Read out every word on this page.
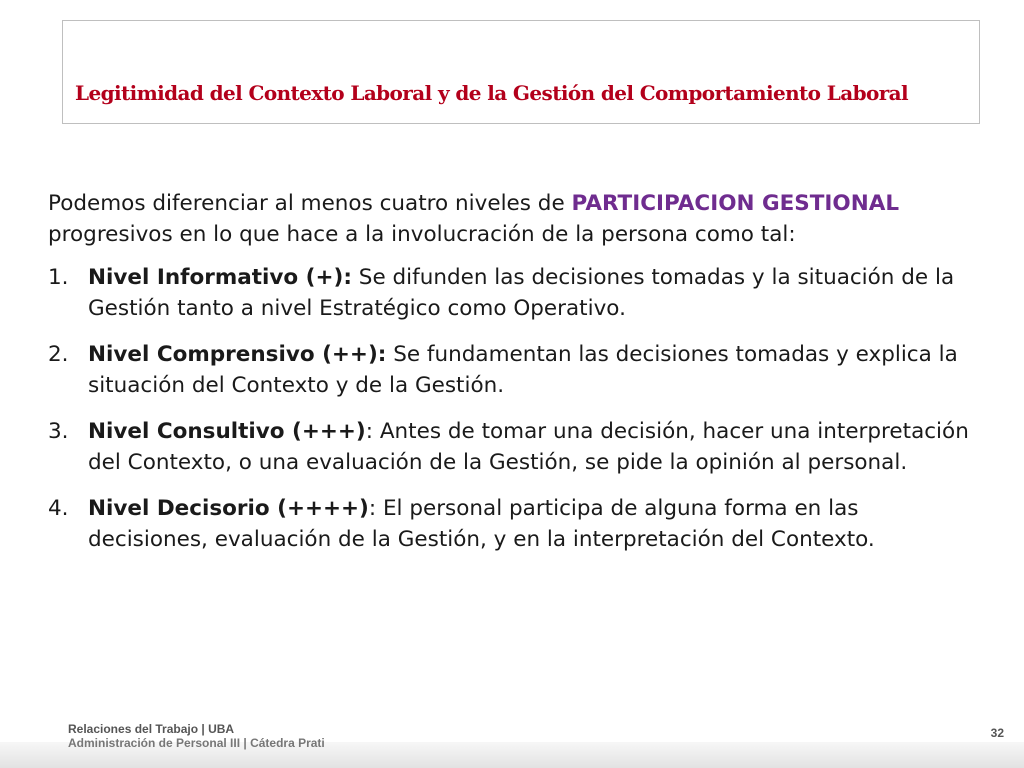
Legitimidad del Contexto Laboral y de la Gestión del Comportamiento Laboral

Podemos diferenciar al menos cuatro niveles de PARTICIPACION GESTIONAL progresivos en lo que hace a la involucración de la persona como tal:

1. Nivel Informativo (+): Se difunden las decisiones tomadas y la situación de la Gestión tanto a nivel Estratégico como Operativo.
2. Nivel Comprensivo (++): Se fundamentan las decisiones tomadas y explica la situación del Contexto y de la Gestión.
3. Nivel Consultivo (+++): Antes de tomar una decisión, hacer una interpretación del Contexto, o una evaluación de la Gestión, se pide la opinión al personal.
4. Nivel Decisorio (++++): El personal participa de alguna forma en las decisiones, evaluación de la Gestión, y en la interpretación del Contexto.
Relaciones del Trabajo | UBA
Administración de Personal III | Cátedra Prati
32
